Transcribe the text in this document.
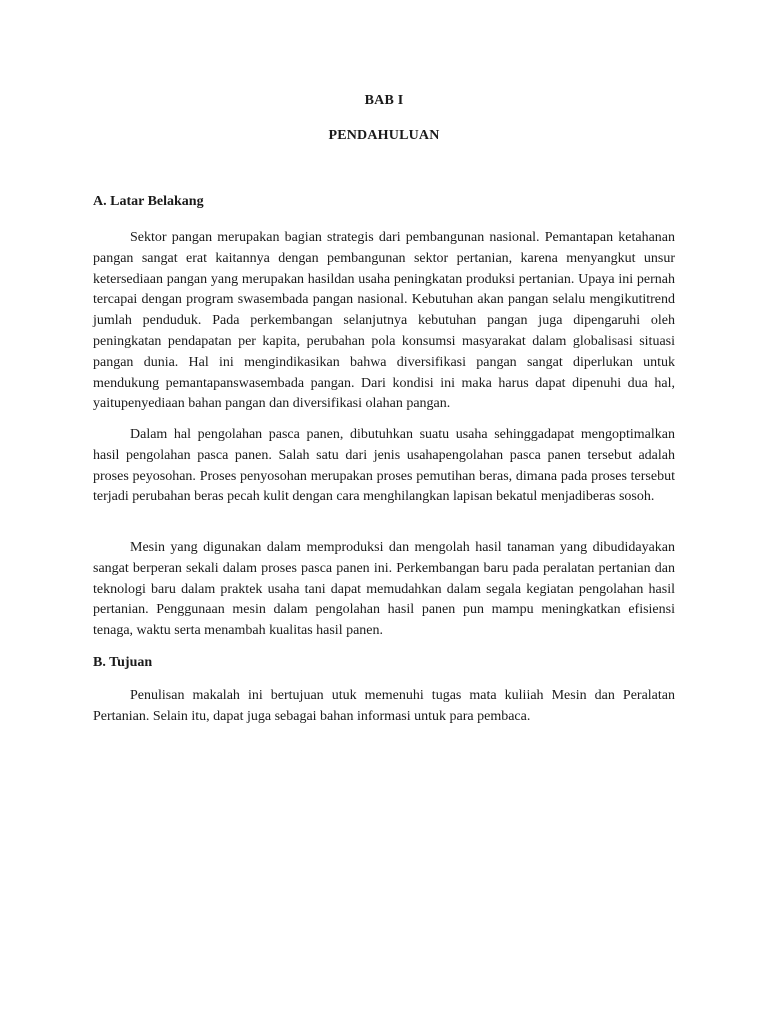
BAB I
PENDAHULUAN
A. Latar Belakang

Sektor pangan merupakan bagian strategis dari pembangunan nasional. Pemantapan ketahanan pangan sangat erat kaitannya dengan pembangunan sektor pertanian, karena menyangkut unsur ketersediaan pangan yang merupakan hasildan usaha peningkatan produksi pertanian. Upaya ini pernah tercapai dengan program swasembada pangan nasional. Kebutuhan akan pangan selalu mengikutitrend jumlah penduduk. Pada perkembangan selanjutnya kebutuhan pangan juga dipengaruhi oleh peningkatan pendapatan per kapita, perubahan pola konsumsi masyarakat dalam globalisasi situasi pangan dunia. Hal ini mengindikasikan bahwa diversifikasi pangan sangat diperlukan untuk mendukung pemantapanswasembada pangan. Dari kondisi ini maka harus dapat dipenuhi dua hal, yaitupenyediaan bahan pangan dan diversifikasi olahan pangan.

Dalam hal pengolahan pasca panen, dibutuhkan suatu usaha sehinggadapat mengoptimalkan hasil pengolahan pasca panen. Salah satu dari jenis usahapengolahan pasca panen tersebut adalah proses peyosohan. Proses penyosohan merupakan proses pemutihan beras, dimana pada proses tersebut terjadi perubahan beras pecah kulit dengan cara menghilangkan lapisan bekatul menjadiberas sosoh.

Mesin yang digunakan dalam memproduksi dan mengolah hasil tanaman yang dibudidayakan sangat berperan sekali dalam proses pasca panen ini. Perkembangan baru pada peralatan pertanian dan teknologi baru dalam praktek usaha tani dapat memudahkan dalam segala kegiatan pengolahan hasil pertanian. Penggunaan mesin dalam pengolahan hasil panen pun mampu meningkatkan efisiensi tenaga, waktu serta menambah kualitas hasil panen.

B. Tujuan

Penulisan makalah ini bertujuan utuk memenuhi tugas mata kuliiah Mesin dan Peralatan Pertanian. Selain itu, dapat juga sebagai bahan informasi untuk para pembaca.
